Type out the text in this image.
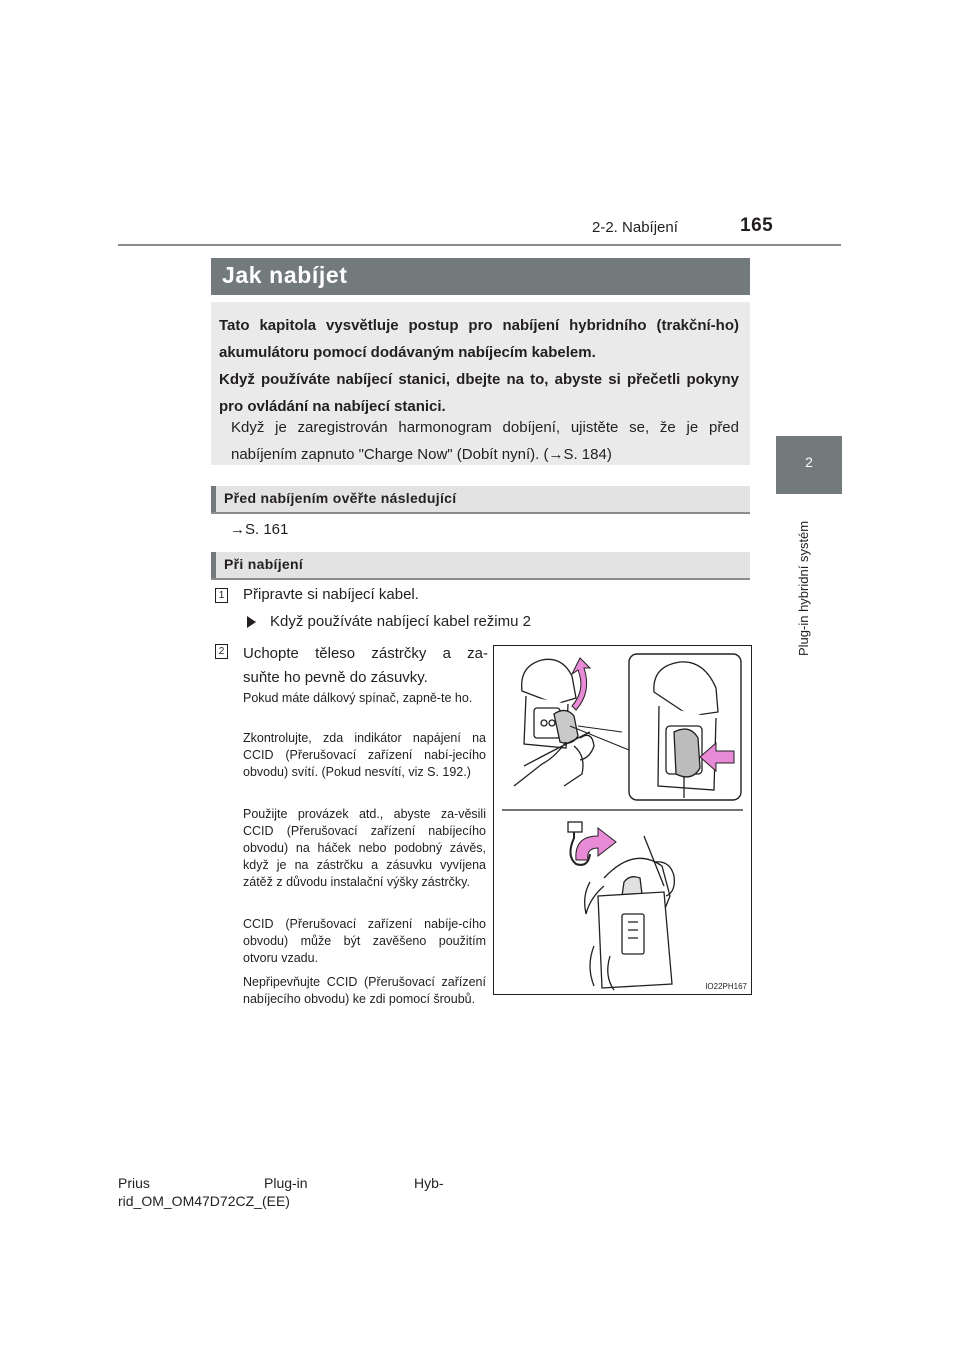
2-2. Nabíjení	165
2
Plug-in hybridní systém
Jak nabíjet
Tato kapitola vysvětluje postup pro nabíjení hybridního (trakční-ho) akumulátoru pomocí dodávaným nabíjecím kabelem.
Když používáte nabíjecí stanici, dbejte na to, abyste si přečetli pokyny pro ovládání na nabíjecí stanici.
Když je zaregistrován harmonogram dobíjení, ujistěte se, že je před nabíjením zapnuto "Charge Now" (Dobít nyní). (→S. 184)
Před nabíjením ověřte následující
→S. 161
Při nabíjení
1 Připravte si nabíjecí kabel.
Když používáte nabíjecí kabel režimu 2
2 Uchopte těleso zástrčky a za-
suňte ho pevně do zásuvky.
Pokud máte dálkový spínač, zapně-te ho.
Zkontrolujte, zda indikátor napájení na CCID (Přerušovací zařízení nabí-jecího obvodu) svítí. (Pokud nesvítí, viz S. 192.)
Použijte provázek atd., abyste za-věsili CCID (Přerušovací zařízení nabíjecího obvodu) na háček nebo podobný závěs, když je na zástrčku a zásuvku vyvíjena zátěž z důvodu instalační výšky zástrčky.
CCID (Přerušovací zařízení nabíje-cího obvodu) může být zavěšeno použitím otvoru vzadu.
Nepřipevňujte CCID (Přerušovací zařízení nabíjecího obvodu) ke zdi pomocí šroubů.
IO22PH167
Prius	Plug-in	Hyb-
rid_OM_OM47D72CZ_(EE)
